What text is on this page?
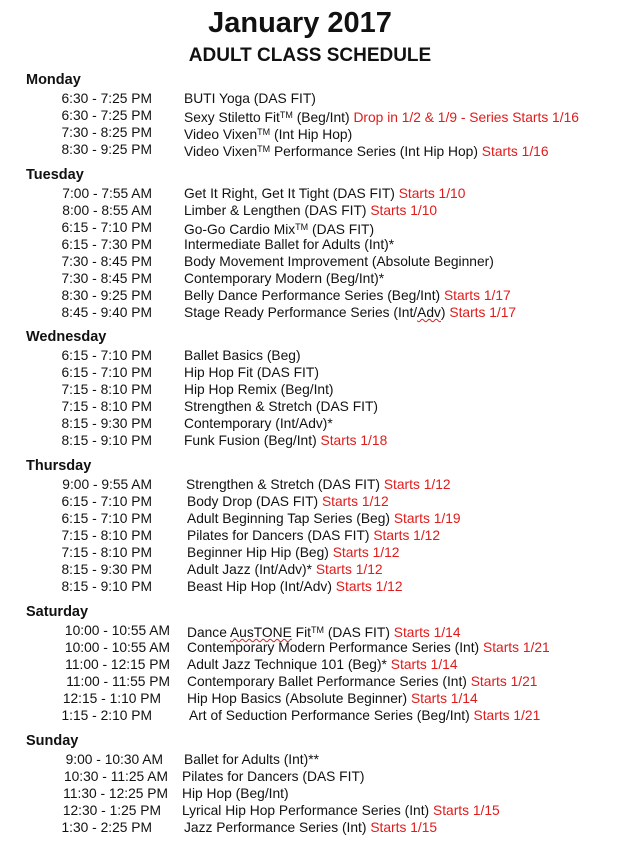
January 2017
ADULT CLASS SCHEDULE
Monday
6:30 - 7:25 PM BUTI Yoga (DAS FIT)
6:30 - 7:25 PM Sexy Stiletto Fit™ (Beg/Int) Drop in 1/2 & 1/9 - Series Starts 1/16
7:30 - 8:25 PM Video Vixen™ (Int Hip Hop)
8:30 - 9:25 PM Video Vixen™ Performance Series (Int Hip Hop) Starts 1/16
Tuesday
7:00 - 7:55 AM Get It Right, Get It Tight (DAS FIT) Starts 1/10
8:00 - 8:55 AM Limber & Lengthen (DAS FIT) Starts 1/10
6:15 - 7:10 PM Go-Go Cardio Mix™ (DAS FIT)
6:15 - 7:30 PM Intermediate Ballet for Adults (Int)*
7:30 - 8:45 PM Body Movement Improvement (Absolute Beginner)
7:30 - 8:45 PM Contemporary Modern (Beg/Int)*
8:30 - 9:25 PM Belly Dance Performance Series (Beg/Int) Starts 1/17
8:45 - 9:40 PM Stage Ready Performance Series (Int/Adv) Starts 1/17
Wednesday
6:15 - 7:10 PM Ballet Basics (Beg)
6:15 - 7:10 PM Hip Hop Fit (DAS FIT)
7:15 - 8:10 PM Hip Hop Remix (Beg/Int)
7:15 - 8:10 PM Strengthen & Stretch (DAS FIT)
8:15 - 9:30 PM Contemporary (Int/Adv)*
8:15 - 9:10 PM Funk Fusion (Beg/Int) Starts 1/18
Thursday
9:00 - 9:55 AM Strengthen & Stretch (DAS FIT) Starts 1/12
6:15 - 7:10 PM	Body Drop (DAS FIT) Starts 1/12
6:15 - 7:10 PM	Adult Beginning Tap Series (Beg) Starts 1/19
7:15 - 8:10 PM	Pilates for Dancers (DAS FIT) Starts 1/12
7:15 - 8:10 PM	Beginner Hip Hip (Beg) Starts 1/12
8:15 - 9:30 PM	Adult Jazz (Int/Adv)* Starts 1/12
8:15 - 9:10 PM	Beast Hip Hop (Int/Adv) Starts 1/12
Saturday
10:00 - 10:55 AM Dance AusTONE Fit™ (DAS FIT) Starts 1/14
10:00 - 10:55 AM Contemporary Modern Performance Series (Int) Starts 1/21
11:00 - 12:15 PM Adult Jazz Technique 101 (Beg)* Starts 1/14
11:00 - 11:55 PM Contemporary Ballet Performance Series (Int) Starts 1/21
12:15 - 1:10 PM Hip Hop Basics (Absolute Beginner) Starts 1/14
1:15 - 2:10 PM	Art of Seduction Performance Series (Beg/Int) Starts 1/21
Sunday
9:00 - 10:30 AM Ballet for Adults (Int)**
10:30 - 11:25 AM Pilates for Dancers (DAS FIT)
11:30 - 12:25 PM Hip Hop (Beg/Int)
12:30 - 1:25 PM Lyrical Hip Hop Performance Series (Int) Starts 1/15
1:30 - 2:25 PM Jazz Performance Series (Int) Starts 1/15
